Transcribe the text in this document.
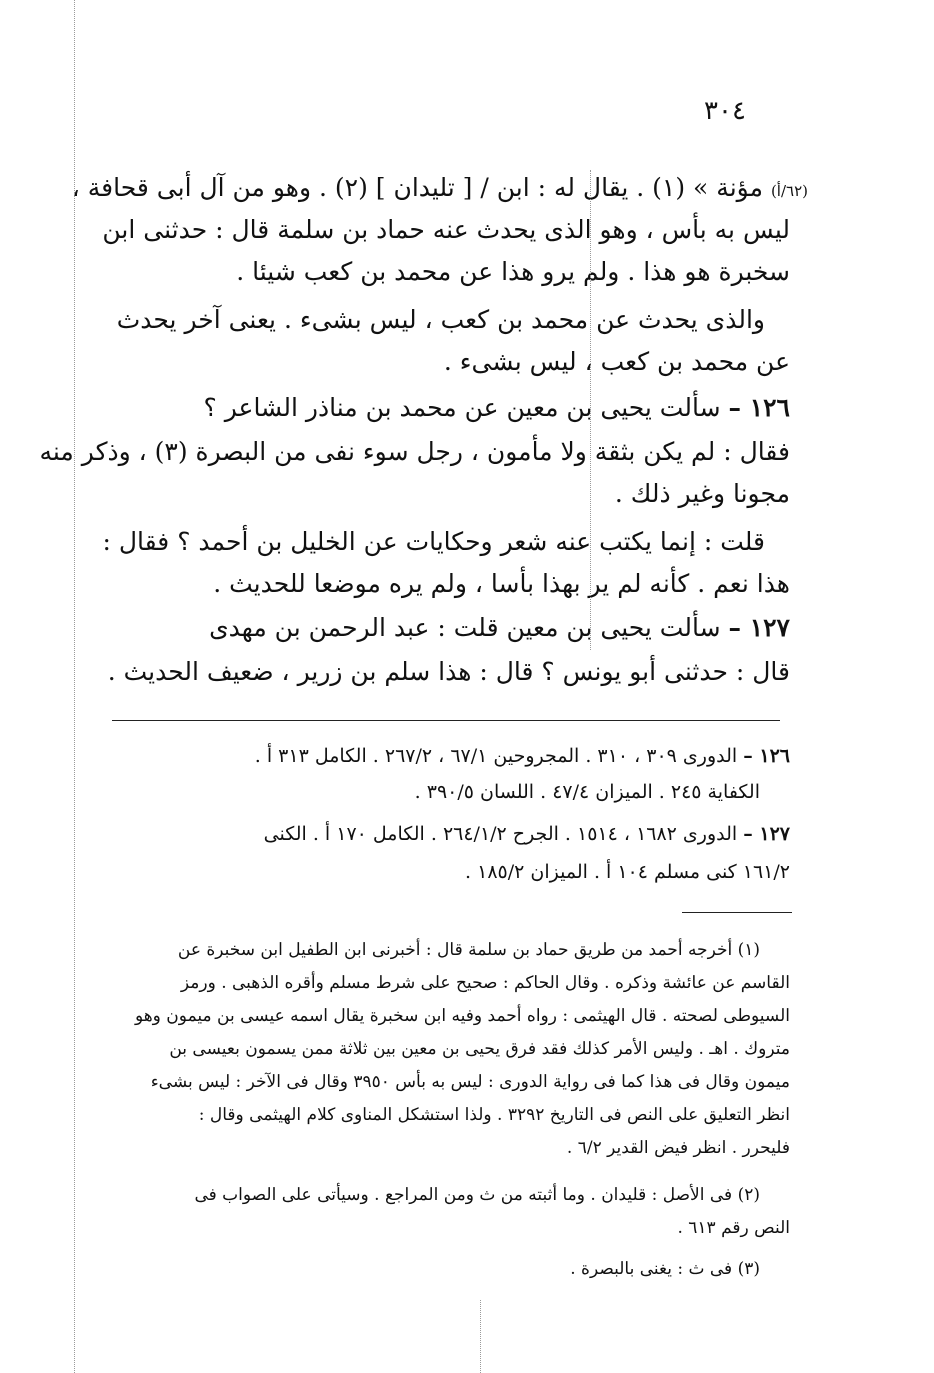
٣٠٤
(٦٢/أ) مؤنة » (١) . يقال له : ابن / [ تليدان ] (٢) . وهو من آل أبى قحافة ،
ليس به بأس ، وهو الذى يحدث عنه حماد بن سلمة قال : حدثنى ابن
سخبرة هو هذا . ولم يرو هذا عن محمد بن كعب شيئا .
والذى يحدث عن محمد بن كعب ، ليس بشىء . يعنى آخر يحدث
عن محمد بن كعب ، ليس بشىء .
١٢٦ – سألت يحيى بن معين عن محمد بن مناذر الشاعر ؟
فقال : لم يكن بثقة ولا مأمون ، رجل سوء نفى من البصرة (٣) ، وذكر منه
مجونا وغير ذلك .
قلت : إنما يكتب عنه شعر وحكايات عن الخليل بن أحمد ؟ فقال :
هذا نعم . كأنه لم ير بهذا بأسا ، ولم يره موضعا للحديث .
١٢٧ – سألت يحيى بن معين قلت : عبد الرحمن بن مهدى
قال : حدثنى أبو يونس ؟ قال : هذا سلم بن زرير ، ضعيف الحديث .
١٢٦ – الدورى ٣٠٩ ، ٣١٠ . المجروحين ٦٧/١ ، ٢٦٧/٢ . الكامل ٣١٣ أ .
الكفاية ٢٤٥ . الميزان ٤٧/٤ . اللسان ٣٩٠/٥ .
١٢٧ – الدورى ١٦٨٢ ، ١٥١٤ . الجرح ٢٦٤/١/٢ . الكامل ١٧٠ أ . الكنى
١٦١/٢ كنى مسلم ١٠٤ أ . الميزان ١٨٥/٢ .
(١) أخرجه أحمد من طريق حماد بن سلمة قال : أخبرنى ابن الطفيل ابن سخبرة عن
القاسم عن عائشة وذكره . وقال الحاكم : صحيح على شرط مسلم وأقره الذهبى . ورمز
السيوطى لصحته . قال الهيثمى : رواه أحمد وفيه ابن سخبرة يقال اسمه عيسى بن ميمون وهو
متروك . اهـ . وليس الأمر كذلك فقد فرق يحيى بن معين بين ثلاثة ممن يسمون بعيسى بن
ميمون وقال فى هذا كما فى رواية الدورى : ليس به بأس ٣٩٥٠ وقال فى الآخر : ليس بشىء
انظر التعليق على النص فى التاريخ ٣٢٩٢ . ولذا استشكل المناوى كلام الهيثمى وقال :
فليحرر . انظر فيض القدير ٦/٢ .
(٢) فى الأصل : قليدان . وما أثبته من ث ومن المراجع . وسيأتى على الصواب فى
النص رقم ٦١٣ .
(٣) فى ث : يغنى بالبصرة .
